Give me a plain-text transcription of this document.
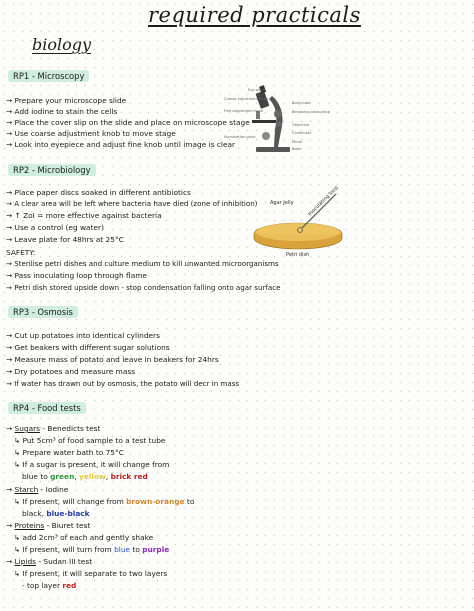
required practicals
biology
RP1 - Microscopy
→ Prepare your microscope slide
→ Add iodine to stain the cells
→ Place the cover slip on the slide and place on microscope stage
→ Use coarse adjustment knob to move stage
→ Look into eyepiece and adjust fine knob until image is clear
Eye piece
Coarse adjustment knob
Fine adjustment knob
Illumination point
Body tube
Revolving nose piece
Objective
Condenser
Mirror
Base
RP2 - Microbiology
→ Place paper discs soaked in different antibiotics
→ A clear area will be left where bacteria have died (zone of inhibition)
→ ↑ ZoI = more effective against bacteria
→ Use a control (eg water)
→ Leave plate for 48hrs at 25°C
SAFETY:
→ Sterilise petri dishes and culture medium to kill unwanted microorganisms
→ Pass inoculating loop through flame
→ Petri dish stored upside down - stop condensation falling onto agar surface
Agar Jelly	Inoculating loop
Petri dish
RP3 - Osmosis
→ Cut up potatoes into identical cylinders
→ Get beakers with different sugar solutions
→ Measure mass of potato and leave in beakers for 24hrs
→ Dry potatoes and measure mass
→ If water has drawn out by osmosis, the potato will decr in mass
RP4 - Food tests
→ Sugars - Benedicts test
↳ Put 5cm³ of food sample to a test tube
↳ Prepare water bath to 75°C
↳ If a sugar is present, it will change from
blue to green, yellow, brick red
→ Starch - Iodine
↳ If present, will change from brown-orange to
black, blue-black
→ Proteins - Biuret test
↳ add 2cm³ of each and gently shake
↳ If present, will turn from blue to purple
→ Lipids - Sudan III test
↳ If present, it will separate to two layers
- top layer red
